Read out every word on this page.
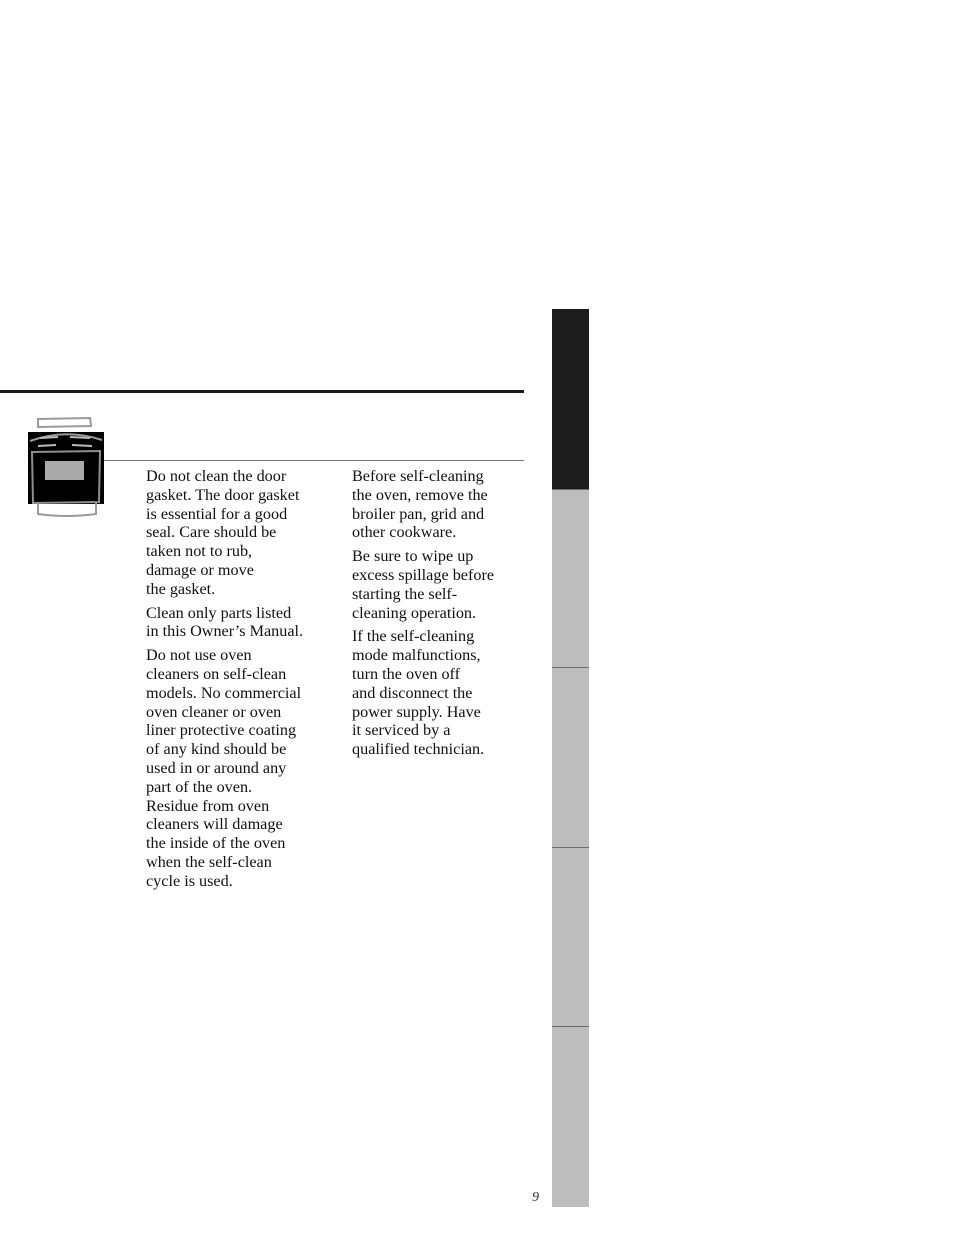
Do not clean the door
gasket. The door gasket
is essential for a good
seal. Care should be
taken not to rub,
damage or move
the gasket.

Clean only parts listed
in this Owner’s Manual.

Do not use oven
cleaners on self-clean
models. No commercial
oven cleaner or oven
liner protective coating
of any kind should be
used in or around any
part of the oven.
Residue from oven
cleaners will damage
the inside of the oven
when the self-clean
cycle is used.

Before self-cleaning
the oven, remove the
broiler pan, grid and
other cookware.

Be sure to wipe up
excess spillage before
starting the self-
cleaning operation.

If the self-cleaning
mode malfunctions,
turn the oven off
and disconnect the
power supply. Have
it serviced by a
qualified technician.

9
